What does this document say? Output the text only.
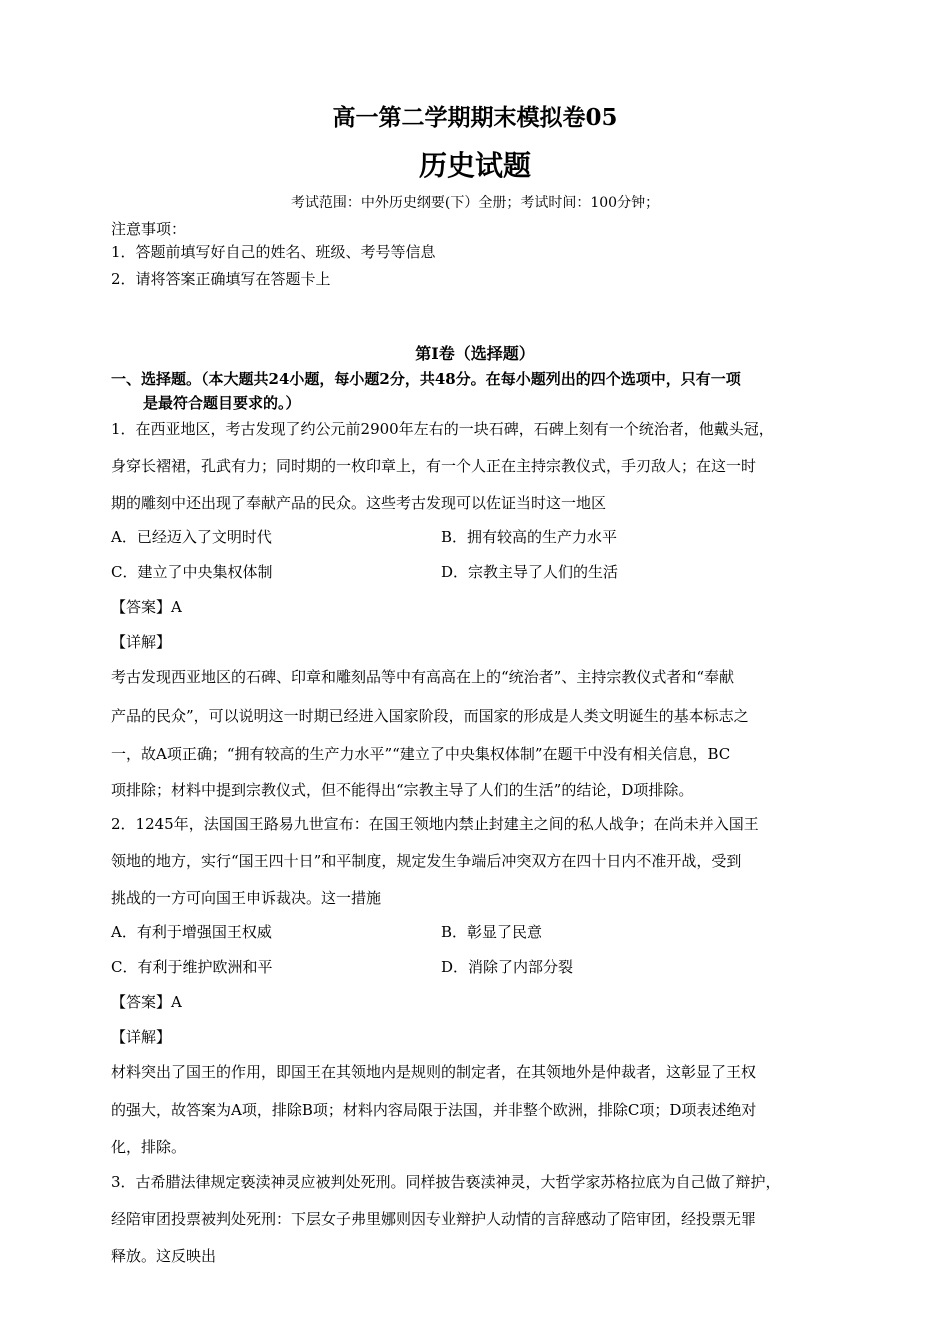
高一第二学期期末模拟卷05
历史试题
考试范围：中外历史纲要(下）全册；考试时间：100分钟；
注意事项：
1．答题前填写好自己的姓名、班级、考号等信息
2．请将答案正确填写在答题卡上
第Ⅰ卷（选择题）
一、选择题。（本大题共24小题，每小题2分，共48分。在每小题列出的四个选项中，只有一项
是最符合题目要求的。）
1．在西亚地区，考古发现了约公元前2900年左右的一块石碑，石碑上刻有一个统治者，他戴头冠，
身穿长褶裙，孔武有力；同时期的一枚印章上，有一个人正在主持宗教仪式，手刃敌人；在这一时
期的雕刻中还出现了奉献产品的民众。这些考古发现可以佐证当时这一地区
A．已经迈入了文明时代	B．拥有较高的生产力水平
C．建立了中央集权体制	D．宗教主导了人们的生活
【答案】A
【详解】
考古发现西亚地区的石碑、印章和雕刻品等中有高高在上的“统治者”、主持宗教仪式者和“奉献
产品的民众”，可以说明这一时期已经进入国家阶段，而国家的形成是人类文明诞生的基本标志之
一，故A项正确；“拥有较高的生产力水平”“建立了中央集权体制”在题干中没有相关信息，BC
项排除；材料中提到宗教仪式，但不能得出“宗教主导了人们的生活”的结论，D项排除。
2．1245年，法国国王路易九世宣布：在国王领地内禁止封建主之间的私人战争；在尚未并入国王
领地的地方，实行“国王四十日”和平制度，规定发生争端后冲突双方在四十日内不准开战，受到
挑战的一方可向国王申诉裁决。这一措施
A．有利于增强国王权威	B．彰显了民意
C．有利于维护欧洲和平	D．消除了内部分裂
【答案】A
【详解】
材料突出了国王的作用，即国王在其领地内是规则的制定者，在其领地外是仲裁者，这彰显了王权
的强大，故答案为A项，排除B项；材料内容局限于法国，并非整个欧洲，排除C项；D项表述绝对
化，排除。
3．古希腊法律规定亵渎神灵应被判处死刑。同样披告亵渎神灵，大哲学家苏格拉底为自己做了辩护，
经陪审团投票被判处死刑：下层女子弗里娜则因专业辩护人动情的言辞感动了陪审团，经投票无罪
释放。这反映出
